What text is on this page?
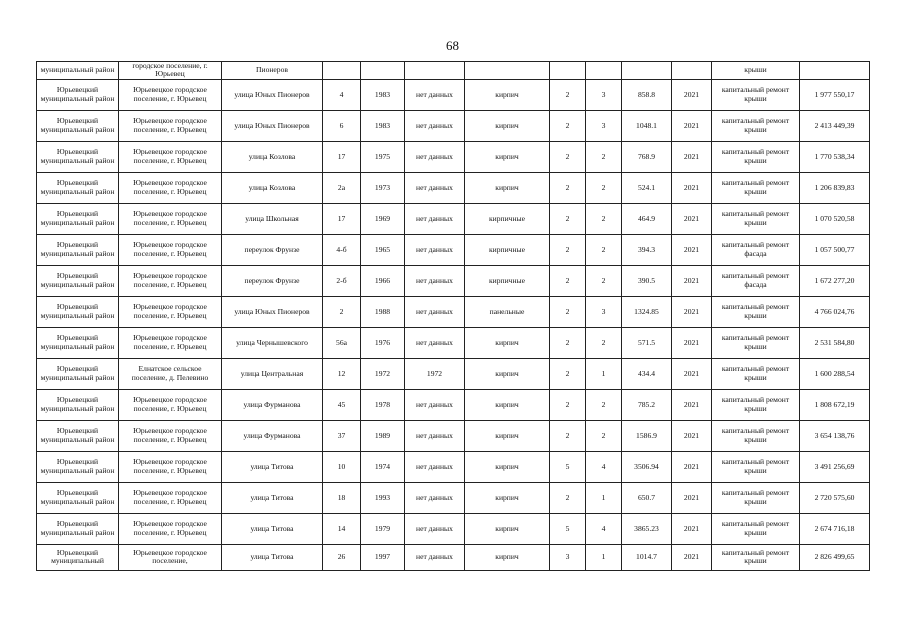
68
муниципальный район	городское поселение, г. Юрьевец	Пионеров									крыши	
Юрьевецкий муниципальный район	Юрьевецкое городское поселение, г. Юрьевец	улица Юных Пионеров	4	1983	нет данных	кирпич	2	3	858.8	2021	капитальный ремонт крыши	1 977 550,17
Юрьевецкий муниципальный район	Юрьевецкое городское поселение, г. Юрьевец	улица Юных Пионеров	6	1983	нет данных	кирпич	2	3	1048.1	2021	капитальный ремонт крыши	2 413 449,39
Юрьевецкий муниципальный район	Юрьевецкое городское поселение, г. Юрьевец	улица Козлова	17	1975	нет данных	кирпич	2	2	768.9	2021	капитальный ремонт крыши	1 770 538,34
Юрьевецкий муниципальный район	Юрьевецкое городское поселение, г. Юрьевец	улица Козлова	2а	1973	нет данных	кирпич	2	2	524.1	2021	капитальный ремонт крыши	1 206 839,83
Юрьевецкий муниципальный район	Юрьевецкое городское поселение, г. Юрьевец	улица Школьная	17	1969	нет данных	кирпичные	2	2	464.9	2021	капитальный ремонт крыши	1 070 520,58
Юрьевецкий муниципальный район	Юрьевецкое городское поселение, г. Юрьевец	переулок Фрунзе	4-б	1965	нет данных	кирпичные	2	2	394.3	2021	капитальный ремонт фасада	1 057 500,77
Юрьевецкий муниципальный район	Юрьевецкое городское поселение, г. Юрьевец	переулок Фрунзе	2-б	1966	нет данных	кирпичные	2	2	390.5	2021	капитальный ремонт фасада	1 672 277,20
Юрьевецкий муниципальный район	Юрьевецкое городское поселение, г. Юрьевец	улица Юных Пионеров	2	1988	нет данных	панельные	2	3	1324.85	2021	капитальный ремонт крыши	4 766 024,76
Юрьевецкий муниципальный район	Юрьевецкое городское поселение, г. Юрьевец	улица Чернышевского	56а	1976	нет данных	кирпич	2	2	571.5	2021	капитальный ремонт крыши	2 531 584,80
Юрьевецкий муниципальный район	Елнатское сельское поселение, д. Пелевино	улица Центральная	12	1972	1972	кирпич	2	1	434.4	2021	капитальный ремонт крыши	1 600 288,54
Юрьевецкий муниципальный район	Юрьевецкое городское поселение, г. Юрьевец	улица Фурманова	45	1978	нет данных	кирпич	2	2	785.2	2021	капитальный ремонт крыши	1 808 672,19
Юрьевецкий муниципальный район	Юрьевецкое городское поселение, г. Юрьевец	улица Фурманова	37	1989	нет данных	кирпич	2	2	1586.9	2021	капитальный ремонт крыши	3 654 138,76
Юрьевецкий муниципальный район	Юрьевецкое городское поселение, г. Юрьевец	улица Титова	10	1974	нет данных	кирпич	5	4	3506.94	2021	капитальный ремонт крыши	3 491 256,69
Юрьевецкий муниципальный район	Юрьевецкое городское поселение, г. Юрьевец	улица Титова	18	1993	нет данных	кирпич	2	1	650.7	2021	капитальный ремонт крыши	2 720 575,60
Юрьевецкий муниципальный район	Юрьевецкое городское поселение, г. Юрьевец	улица Титова	14	1979	нет данных	кирпич	5	4	3865.23	2021	капитальный ремонт крыши	2 674 716,18
Юрьевецкий муниципальный	Юрьевецкое городское поселение,	улица Титова	26	1997	нет данных	кирпич	3	1	1014.7	2021	капитальный ремонт крыши	2 826 499,65
